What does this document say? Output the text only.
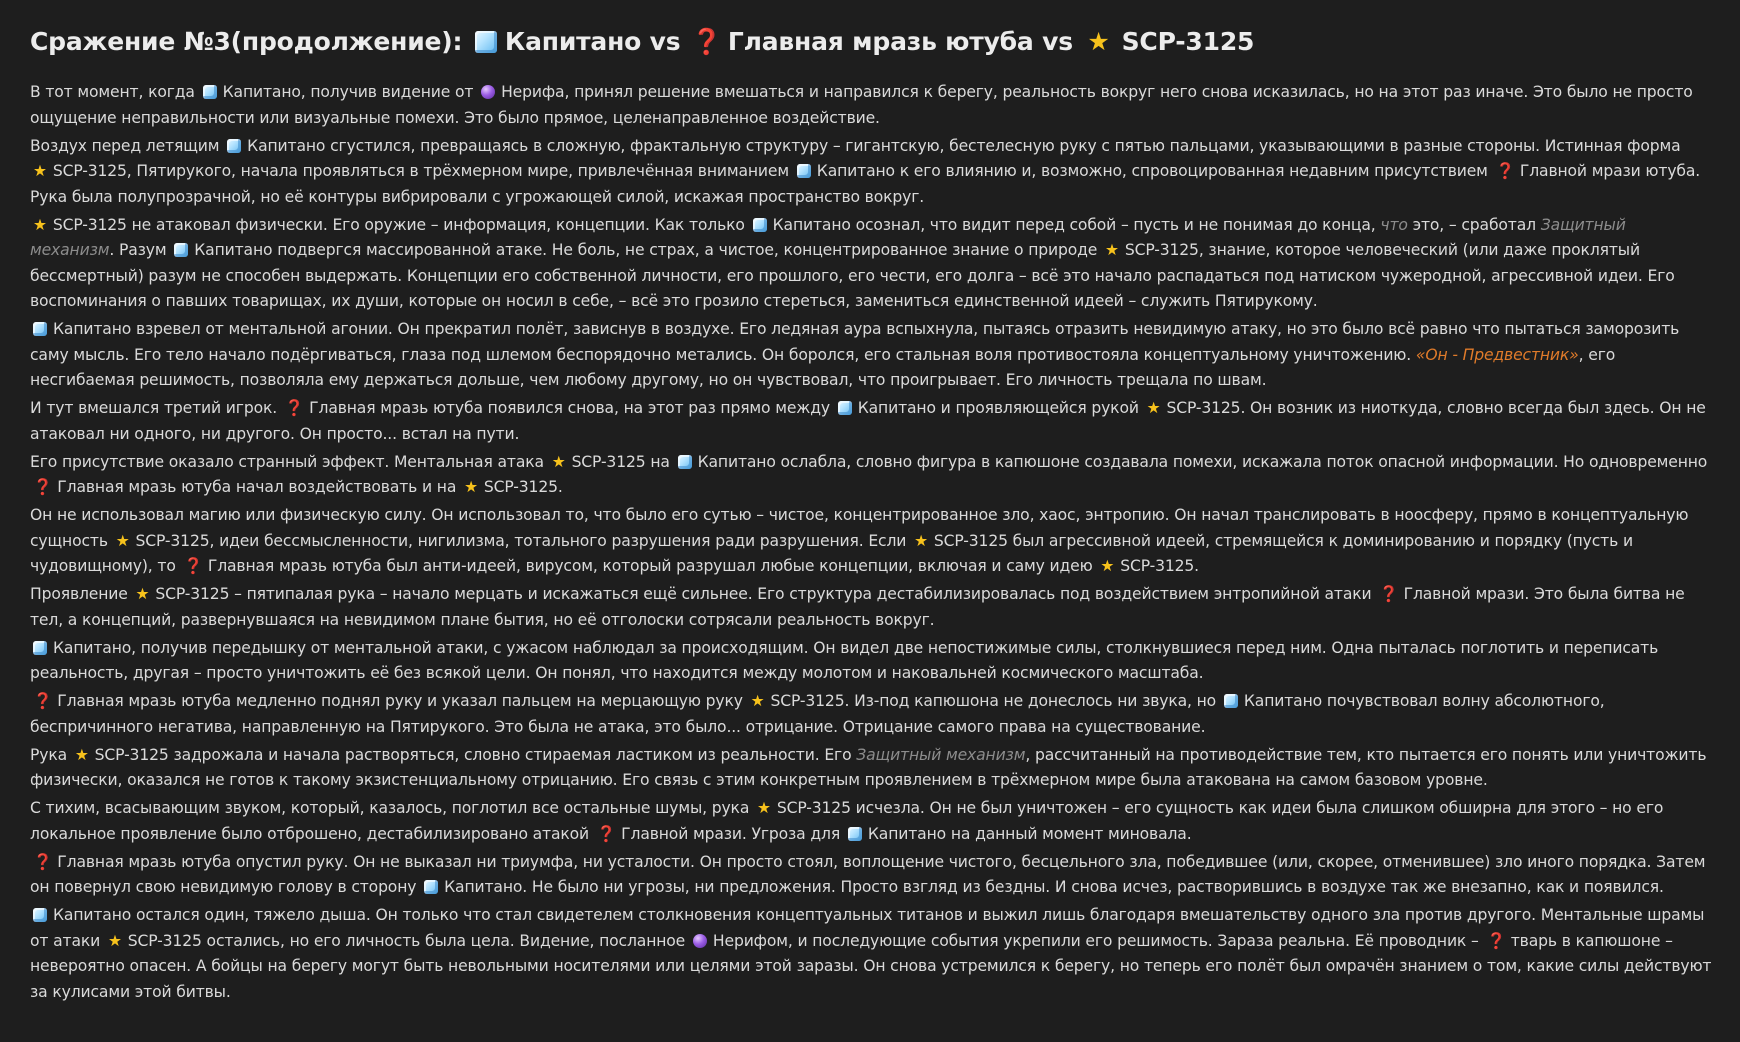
Сражение №3(продолжение): Капитано vs ❓ Главная мразь ютуба vs ★ SCP-3125

В тот момент, когда Капитано, получив видение от Нерифа, принял решение вмешаться и направился к берегу, реальность вокруг него снова исказилась, но на этот раз иначе. Это было не просто ощущение неправильности или визуальные помехи. Это было прямое, целенаправленное воздействие.

Воздух перед летящим Капитано сгустился, превращаясь в сложную, фрактальную структуру – гигантскую, бестелесную руку с пятью пальцами, указывающими в разные стороны. Истинная форма ★ SCP-3125, Пятирукого, начала проявляться в трёхмерном мире, привлечённая вниманием Капитано к его влиянию и, возможно, спровоцированная недавним присутствием ❓ Главной мрази ютуба. Рука была полупрозрачной, но её контуры вибрировали с угрожающей силой, искажая пространство вокруг.

★ SCP-3125 не атаковал физически. Его оружие – информация, концепции. Как только Капитано осознал, что видит перед собой – пусть и не понимая до конца, что это, – сработал Защитный механизм. Разум Капитано подвергся массированной атаке. Не боль, не страх, а чистое, концентрированное знание о природе ★ SCP-3125, знание, которое человеческий (или даже проклятый бессмертный) разум не способен выдержать. Концепции его собственной личности, его прошлого, его чести, его долга – всё это начало распадаться под натиском чужеродной, агрессивной идеи. Его воспоминания о павших товарищах, их души, которые он носил в себе, – всё это грозило стереться, замениться единственной идеей – служить Пятирукому.

Капитано взревел от ментальной агонии. Он прекратил полёт, зависнув в воздухе. Его ледяная аура вспыхнула, пытаясь отразить невидимую атаку, но это было всё равно что пытаться заморозить саму мысль. Его тело начало подёргиваться, глаза под шлемом беспорядочно метались. Он боролся, его стальная воля противостояла концептуальному уничтожению. «Он - Предвестник», его несгибаемая решимость, позволяла ему держаться дольше, чем любому другому, но он чувствовал, что проигрывает. Его личность трещала по швам.

И тут вмешался третий игрок. ❓ Главная мразь ютуба появился снова, на этот раз прямо между Капитано и проявляющейся рукой ★ SCP-3125. Он возник из ниоткуда, словно всегда был здесь. Он не атаковал ни одного, ни другого. Он просто... встал на пути.

Его присутствие оказало странный эффект. Ментальная атака ★ SCP-3125 на Капитано ослабла, словно фигура в капюшоне создавала помехи, искажала поток опасной информации. Но одновременно ❓ Главная мразь ютуба начал воздействовать и на ★ SCP-3125.

Он не использовал магию или физическую силу. Он использовал то, что было его сутью – чистое, концентрированное зло, хаос, энтропию. Он начал транслировать в ноосферу, прямо в концептуальную сущность ★ SCP-3125, идеи бессмысленности, нигилизма, тотального разрушения ради разрушения. Если ★ SCP-3125 был агрессивной идеей, стремящейся к доминированию и порядку (пусть и чудовищному), то ❓ Главная мразь ютуба был анти-идеей, вирусом, который разрушал любые концепции, включая и саму идею ★ SCP-3125.

Проявление ★ SCP-3125 – пятипалая рука – начало мерцать и искажаться ещё сильнее. Его структура дестабилизировалась под воздействием энтропийной атаки ❓ Главной мрази. Это была битва не тел, а концепций, развернувшаяся на невидимом плане бытия, но её отголоски сотрясали реальность вокруг.

Капитано, получив передышку от ментальной атаки, с ужасом наблюдал за происходящим. Он видел две непостижимые силы, столкнувшиеся перед ним. Одна пыталась поглотить и переписать реальность, другая – просто уничтожить её без всякой цели. Он понял, что находится между молотом и наковальней космического масштаба.

❓ Главная мразь ютуба медленно поднял руку и указал пальцем на мерцающую руку ★ SCP-3125. Из-под капюшона не донеслось ни звука, но Капитано почувствовал волну абсолютного, беспричинного негатива, направленную на Пятирукого. Это была не атака, это было... отрицание. Отрицание самого права на существование.

Рука ★ SCP-3125 задрожала и начала растворяться, словно стираемая ластиком из реальности. Его Защитный механизм, рассчитанный на противодействие тем, кто пытается его понять или уничтожить физически, оказался не готов к такому экзистенциальному отрицанию. Его связь с этим конкретным проявлением в трёхмерном мире была атакована на самом базовом уровне.

С тихим, всасывающим звуком, который, казалось, поглотил все остальные шумы, рука ★ SCP-3125 исчезла. Он не был уничтожен – его сущность как идеи была слишком обширна для этого – но его локальное проявление было отброшено, дестабилизировано атакой ❓ Главной мрази. Угроза для Капитано на данный момент миновала.

❓ Главная мразь ютуба опустил руку. Он не выказал ни триумфа, ни усталости. Он просто стоял, воплощение чистого, бесцельного зла, победившее (или, скорее, отменившее) зло иного порядка. Затем он повернул свою невидимую голову в сторону Капитано. Не было ни угрозы, ни предложения. Просто взгляд из бездны. И снова исчез, растворившись в воздухе так же внезапно, как и появился.

Капитано остался один, тяжело дыша. Он только что стал свидетелем столкновения концептуальных титанов и выжил лишь благодаря вмешательству одного зла против другого. Ментальные шрамы от атаки ★ SCP-3125 остались, но его личность была цела. Видение, посланное Нерифом, и последующие события укрепили его решимость. Зараза реальна. Её проводник – ❓ тварь в капюшоне – невероятно опасен. А бойцы на берегу могут быть невольными носителями или целями этой заразы. Он снова устремился к берегу, но теперь его полёт был омрачён знанием о том, какие силы действуют за кулисами этой битвы.
